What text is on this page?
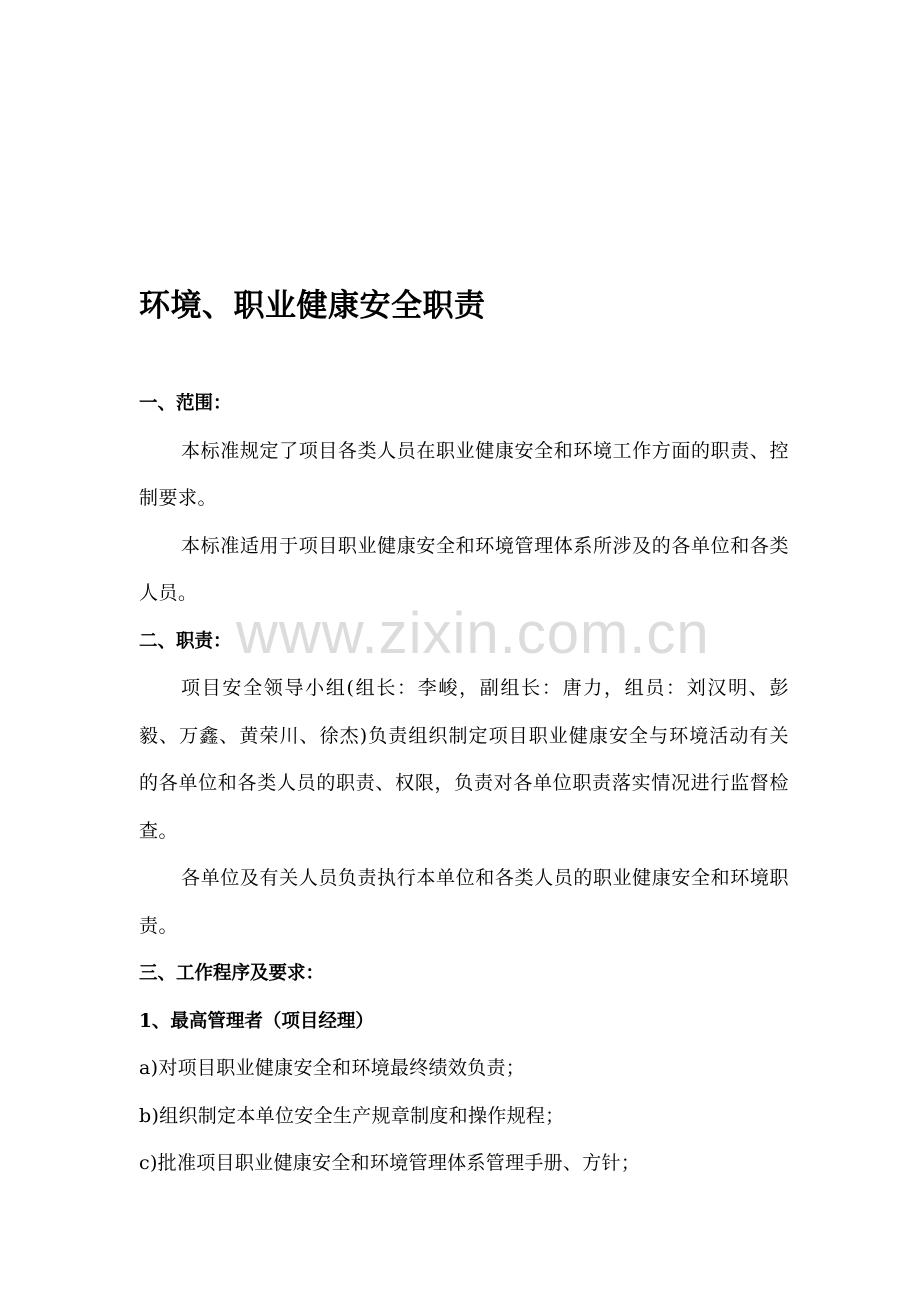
www.zixin.com.cn
环境、职业健康安全职责

一、范围：

本标准规定了项目各类人员在职业健康安全和环境工作方面的职责、控制要求。

本标准适用于项目职业健康安全和环境管理体系所涉及的各单位和各类人员。

二、职责：

项目安全领导小组(组长：李峻，副组长：唐力，组员：刘汉明、彭毅、万鑫、黄荣川、徐杰)负责组织制定项目职业健康安全与环境活动有关的各单位和各类人员的职责、权限，负责对各单位职责落实情况进行监督检查。

各单位及有关人员负责执行本单位和各类人员的职业健康安全和环境职责。

三、工作程序及要求：

1、最高管理者（项目经理）

a)对项目职业健康安全和环境最终绩效负责；

b)组织制定本单位安全生产规章制度和操作规程；

c)批准项目职业健康安全和环境管理体系管理手册、方针；
